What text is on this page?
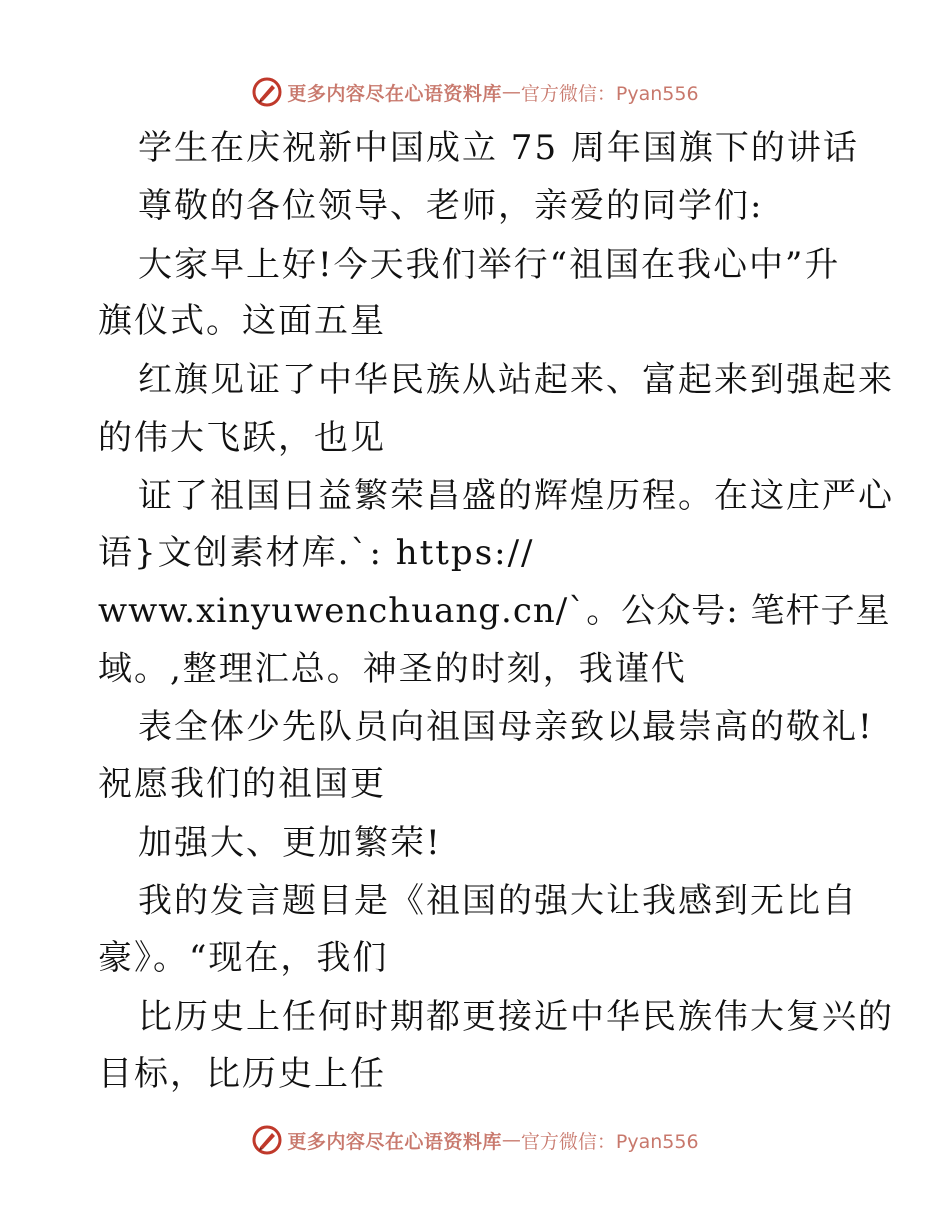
更多内容尽在心语资料库 — 官方微信：Pyan556
学生在庆祝新中国成立 75 周年国旗下的讲话
尊敬的各位领导、老师，亲爱的同学们:
大家早上好!今天我们举行“祖国在我心中”升
旗仪式。这面五星
红旗见证了中华民族从站起来、富起来到强起来
的伟大飞跃，也见
证了祖国日益繁荣昌盛的辉煌历程。在这庄严心
语}文创素材库.`: https://
www.xinyuwenchuang.cn/`。公众号: 笔杆子星
域。,整理汇总。神圣的时刻，我谨代
表全体少先队员向祖国母亲致以最崇高的敬礼!
祝愿我们的祖国更
加强大、更加繁荣!
我的发言题目是《祖国的强大让我感到无比自
豪》。“现在，我们
比历史上任何时期都更接近中华民族伟大复兴的
目标，比历史上任
更多内容尽在心语资料库 — 官方微信：Pyan556
